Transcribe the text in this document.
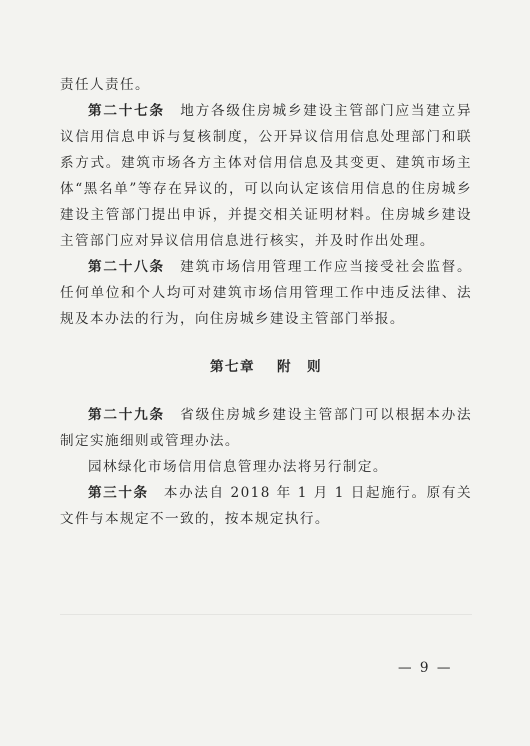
责任人责任。

第二十七条　地方各级住房城乡建设主管部门应当建立异议信用信息申诉与复核制度，公开异议信用信息处理部门和联系方式。建筑市场各方主体对信用信息及其变更、建筑市场主体“黑名单”等存在异议的，可以向认定该信用信息的住房城乡建设主管部门提出申诉，并提交相关证明材料。住房城乡建设主管部门应对异议信用信息进行核实，并及时作出处理。

第二十八条　建筑市场信用管理工作应当接受社会监督。任何单位和个人均可对建筑市场信用管理工作中违反法律、法规及本办法的行为，向住房城乡建设主管部门举报。

第七章 附　则

第二十九条　省级住房城乡建设主管部门可以根据本办法制定实施细则或管理办法。

园林绿化市场信用信息管理办法将另行制定。

第三十条　本办法自 2018 年 1 月 1 日起施行。原有关文件与本规定不一致的，按本规定执行。

— 9 —
